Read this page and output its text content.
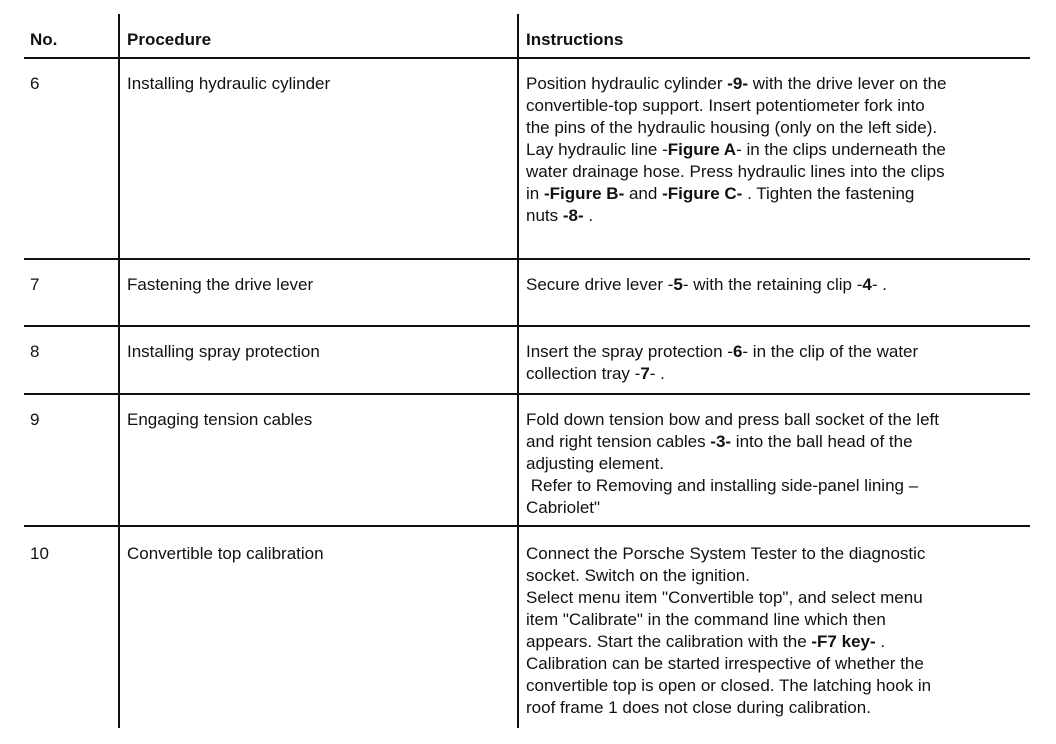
No.	Procedure	Instructions
6	Installing hydraulic cylinder	Position hydraulic cylinder -9- with the drive lever on the
convertible-top support. Insert potentiometer fork into
the pins of the hydraulic housing (only on the left side).
Lay hydraulic line -Figure A- in the clips underneath the
water drainage hose. Press hydraulic lines into the clips
in -Figure B- and -Figure C- . Tighten the fastening
nuts -8- .
7	Fastening the drive lever	Secure drive lever -5- with the retaining clip -4- .
8	Installing spray protection	Insert the spray protection -6- in the clip of the water
collection tray -7- .
9	Engaging tension cables	Fold down tension bow and press ball socket of the left
and right tension cables -3- into the ball head of the
adjusting element.
Refer to Removing and installing side-panel lining –
Cabriolet"
10	Convertible top calibration	Connect the Porsche System Tester to the diagnostic
socket. Switch on the ignition.
Select menu item "Convertible top", and select menu
item "Calibrate" in the command line which then
appears. Start the calibration with the -F7 key- .
Calibration can be started irrespective of whether the
convertible top is open or closed. The latching hook in
roof frame 1 does not close during calibration.
